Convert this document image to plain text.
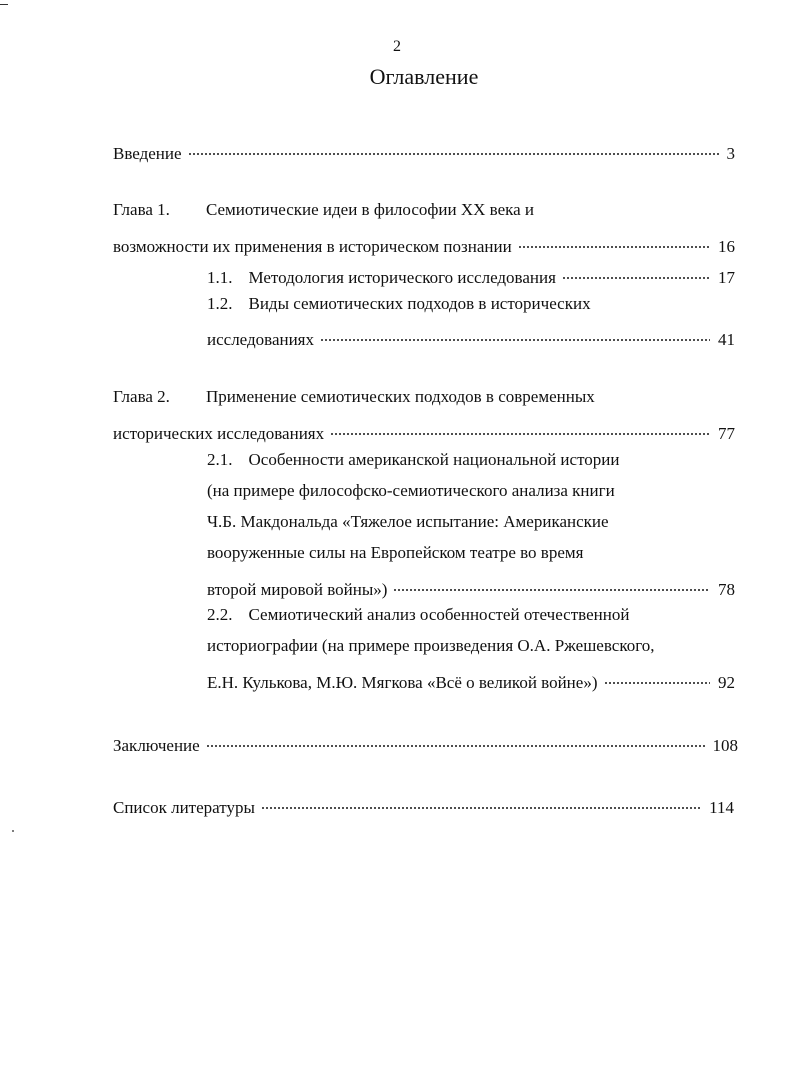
2
Оглавление
Введение	3
Глава 1. Семиотические идеи в философии XX века и
возможности их применения в историческом познании	16
1.1. Методология исторического исследования	17
1.2. Виды семиотических подходов в исторических
исследованиях	41
Глава 2. Применение семиотических подходов в современных
исторических исследованиях	77
2.1. Особенности американской национальной истории
(на примере философско-семиотического анализа книги
Ч.Б. Макдональда «Тяжелое испытание: Американские
вооруженные силы на Европейском театре во время
второй мировой войны»)	78
2.2. Семиотический анализ особенностей отечественной
историографии (на примере произведения О.А. Ржешевского,
Е.Н. Кулькова, М.Ю. Мягкова «Всё о великой войне»)	92
Заключение	108
Список литературы	114
